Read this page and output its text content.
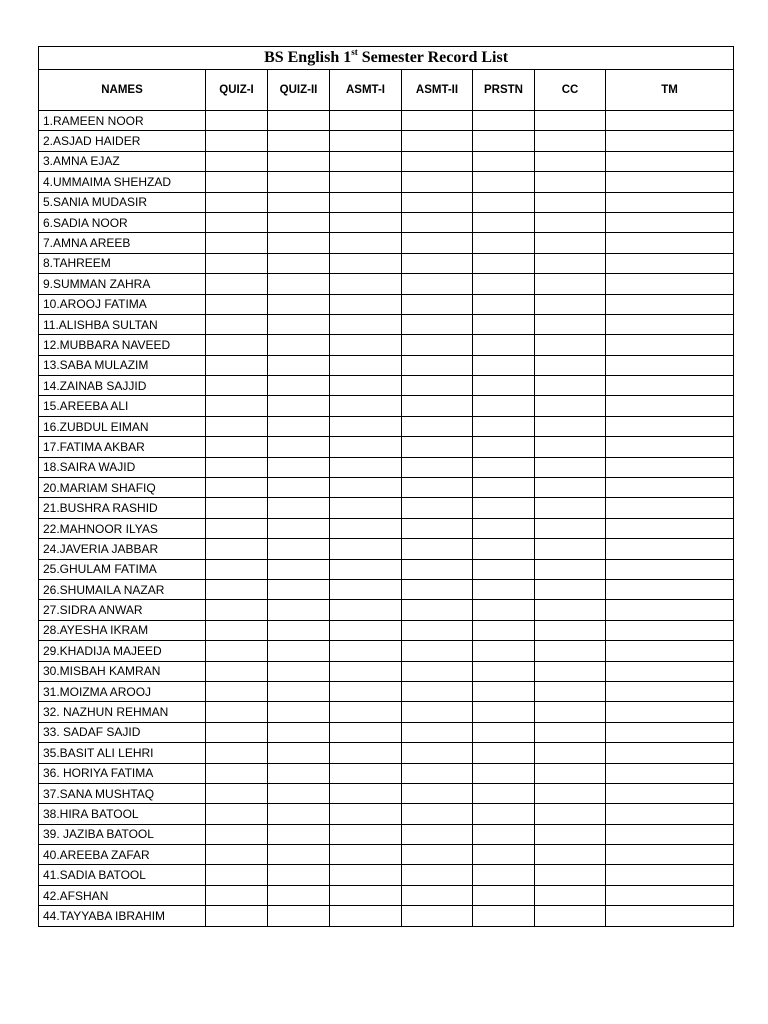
BS English 1st Semester Record List							
NAMES	QUIZ-I	QUIZ-II	ASMT-I	ASMT-II	PRSTN	CC	TM
1.RAMEEN NOOR							
2.ASJAD HAIDER							
3.AMNA EJAZ							
4.UMMAIMA SHEHZAD							
5.SANIA MUDASIR							
6.SADIA NOOR							
7.AMNA AREEB							
8.TAHREEM							
9.SUMMAN ZAHRA							
10.AROOJ FATIMA							
11.ALISHBA SULTAN							
12.MUBBARA NAVEED							
13.SABA MULAZIM							
14.ZAINAB SAJJID							
15.AREEBA ALI							
16.ZUBDUL EIMAN							
17.FATIMA AKBAR							
18.SAIRA WAJID							
20.MARIAM SHAFIQ							
21.BUSHRA RASHID							
22.MAHNOOR ILYAS							
24.JAVERIA JABBAR							
25.GHULAM FATIMA							
26.SHUMAILA NAZAR							
27.SIDRA ANWAR							
28.AYESHA IKRAM							
29.KHADIJA MAJEED							
30.MISBAH KAMRAN							
31.MOIZMA AROOJ							
32. NAZHUN REHMAN							
33. SADAF SAJID							
35.BASIT ALI LEHRI							
36. HORIYA FATIMA							
37.SANA MUSHTAQ							
38.HIRA BATOOL							
39. JAZIBA BATOOL							
40.AREEBA ZAFAR							
41.SADIA BATOOL							
42.AFSHAN							
44.TAYYABA IBRAHIM							
